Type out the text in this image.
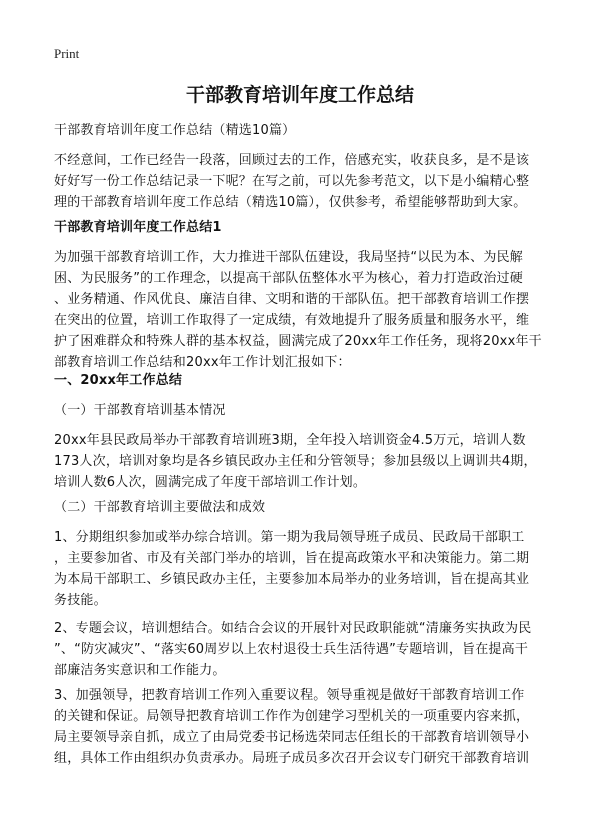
Print
干部教育培训年度工作总结
干部教育培训年度工作总结（精选10篇）
不经意间，工作已经告一段落，回顾过去的工作，倍感充实，收获良多，是不是该
好好写一份工作总结记录一下呢？在写之前，可以先参考范文，以下是小编精心整
理的干部教育培训年度工作总结（精选10篇），仅供参考，希望能够帮助到大家。
干部教育培训年度工作总结1
为加强干部教育培训工作，大力推进干部队伍建设，我局坚持“以民为本、为民解
困、为民服务”的工作理念，以提高干部队伍整体水平为核心，着力打造政治过硬
、业务精通、作风优良、廉洁自律、文明和谐的干部队伍。把干部教育培训工作摆
在突出的位置，培训工作取得了一定成绩，有效地提升了服务质量和服务水平，维
护了困难群众和特殊人群的基本权益，圆满完成了20xx年工作任务，现将20xx年干
部教育培训工作总结和20xx年工作计划汇报如下：
一、20xx年工作总结
（一）干部教育培训基本情况
20xx年县民政局举办干部教育培训班3期，全年投入培训资金4.5万元，培训人数
173人次，培训对象均是各乡镇民政办主任和分管领导；参加县级以上调训共4期，
培训人数6人次，圆满完成了年度干部培训工作计划。
（二）干部教育培训主要做法和成效
1、分期组织参加或举办综合培训。第一期为我局领导班子成员、民政局干部职工
，主要参加省、市及有关部门举办的培训，旨在提高政策水平和决策能力。第二期
为本局干部职工、乡镇民政办主任，主要参加本局举办的业务培训，旨在提高其业
务技能。
2、专题会议，培训想结合。如结合会议的开展针对民政职能就“清廉务实执政为民
”、“防灾减灾”、“落实60周岁以上农村退役士兵生活待遇”专题培训，旨在提高干
部廉洁务实意识和工作能力。
3、加强领导，把教育培训工作列入重要议程。领导重视是做好干部教育培训工作
的关键和保证。局领导把教育培训工作作为创建学习型机关的一项重要内容来抓，
局主要领导亲自抓，成立了由局党委书记杨选荣同志任组长的干部教育培训领导小
组，具体工作由组织办负责承办。局班子成员多次召开会议专门研究干部教育培训
